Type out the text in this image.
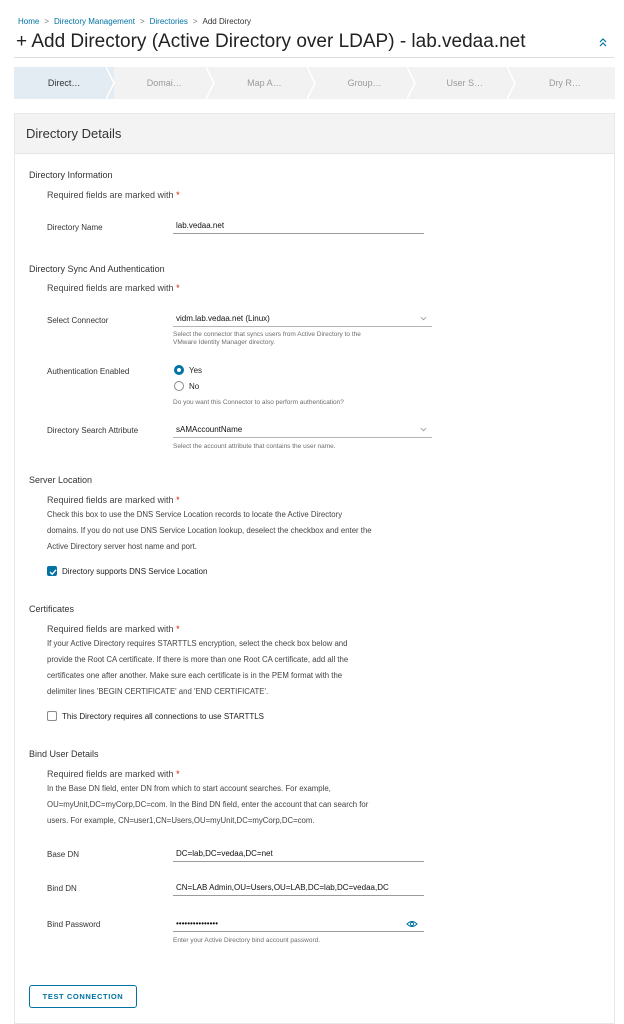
Home > Directory Management > Directories > Add Directory
+ Add Directory (Active Directory over LDAP) - lab.vedaa.net
Direct…	Domai…	Map A…	Group…	User S…	Dry R…
Directory Details
Directory Information
Required fields are marked with *
Directory Name	lab.vedaa.net
Directory Sync And Authentication
Required fields are marked with *
Select Connector	vidm.lab.vedaa.net (Linux)
Select the connector that syncs users from Active Directory to the
VMware Identity Manager directory.
Authentication Enabled	Yes
No
Do you want this Connector to also perform authentication?
Directory Search Attribute	sAMAccountName
Select the account attribute that contains the user name.
Server Location
Required fields are marked with *
Check this box to use the DNS Service Location records to locate the Active Directory
domains. If you do not use DNS Service Location lookup, deselect the checkbox and enter the
Active Directory server host name and port.
Directory supports DNS Service Location
Certificates
Required fields are marked with *
If your Active Directory requires STARTTLS encryption, select the check box below and
provide the Root CA certificate. If there is more than one Root CA certificate, add all the
certificates one after another. Make sure each certificate is in the PEM format with the
delimiter lines 'BEGIN CERTIFICATE' and 'END CERTIFICATE'.
This Directory requires all connections to use STARTTLS
Bind User Details
Required fields are marked with *
In the Base DN field, enter DN from which to start account searches. For example,
OU=myUnit,DC=myCorp,DC=com. In the Bind DN field, enter the account that can search for
users. For example, CN=user1,CN=Users,OU=myUnit,DC=myCorp,DC=com.
Base DN	DC=lab,DC=vedaa,DC=net
Bind DN	CN=LAB Admin,OU=Users,OU=LAB,DC=lab,DC=vedaa,DC
Bind Password	•••••••••••••••
Enter your Active Directory bind account password.
TEST CONNECTION
